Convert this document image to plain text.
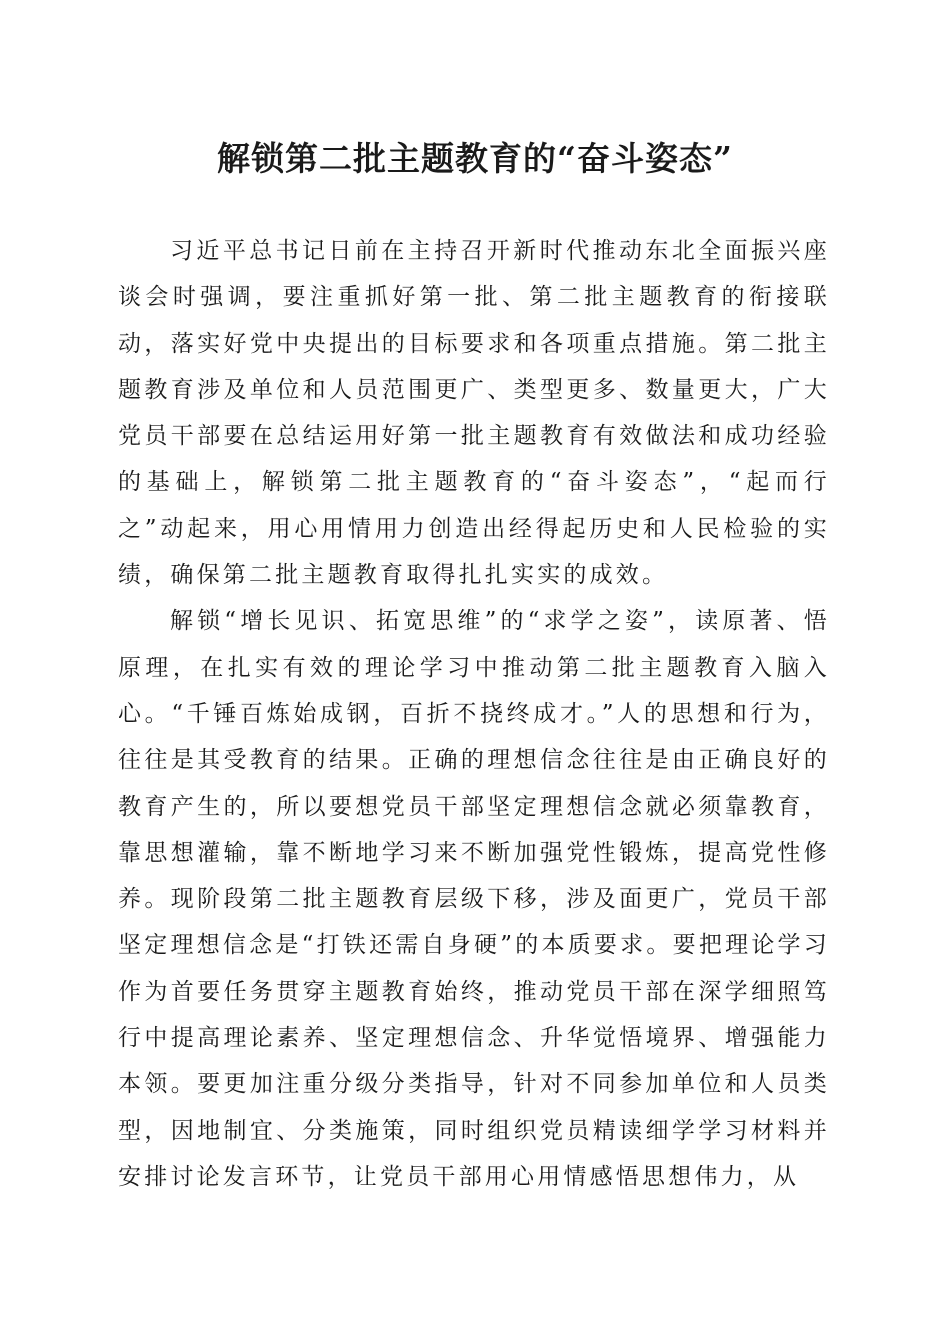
解锁第二批主题教育的“奋斗姿态”

习近平总书记日前在主持召开新时代推动东北全面振兴座谈会时强调，要注重抓好第一批、第二批主题教育的衔接联动，落实好党中央提出的目标要求和各项重点措施。第二批主题教育涉及单位和人员范围更广、类型更多、数量更大，广大党员干部要在总结运用好第一批主题教育有效做法和成功经验的基础上，解锁第二批主题教育的“奋斗姿态”，“起而行之”动起来，用心用情用力创造出经得起历史和人民检验的实绩，确保第二批主题教育取得扎扎实实的成效。

解锁“增长见识、拓宽思维”的“求学之姿”，读原著、悟原理，在扎实有效的理论学习中推动第二批主题教育入脑入心。“千锤百炼始成钢，百折不挠终成才。”人的思想和行为，往往是其受教育的结果。正确的理想信念往往是由正确良好的教育产生的，所以要想党员干部坚定理想信念就必须靠教育，靠思想灌输，靠不断地学习来不断加强党性锻炼，提高党性修养。现阶段第二批主题教育层级下移，涉及面更广，党员干部坚定理想信念是“打铁还需自身硬”的本质要求。要把理论学习作为首要任务贯穿主题教育始终，推动党员干部在深学细照笃行中提高理论素养、坚定理想信念、升华觉悟境界、增强能力本领。要更加注重分级分类指导，针对不同参加单位和人员类型，因地制宜、分类施策，同时组织党员精读细学学习材料并安排讨论发言环节，让党员干部用心用情感悟思想伟力，从
